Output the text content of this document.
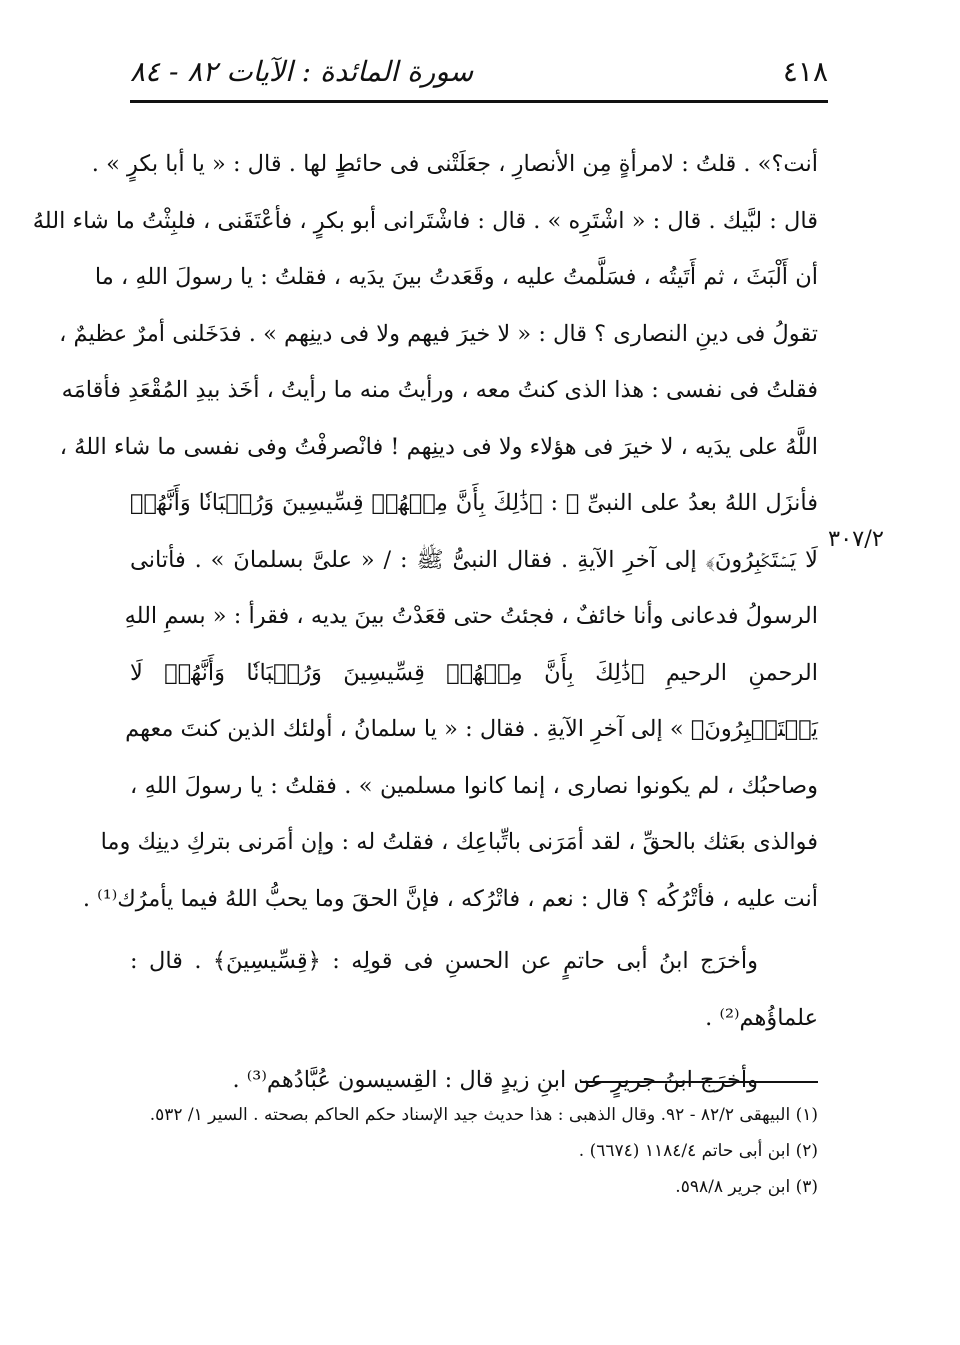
٤١٨
سورة المائدة : الآيات ٨٢ - ٨٤
٣٠٧/٢
أنت؟» . قلتُ : لامرأةٍ مِن الأنصارِ ، جعَلَتْنى فى حائطٍ لها . قال : « يا أبا بكرٍ » .
قال : لبَّيك . قال : « اشْتَرِه » . قال : فاشْتَرانى أبو بكرٍ ، فأعْتَقَنى ، فلبِثْتُ ما شاء اللهُ
أن أَلْبَثَ ، ثم أَتَيتُه ، فسَلَّمتُ عليه ، وقَعَدتُ بينَ يدَيه ، فقلتُ : يا رسولَ اللهِ ، ما
تقولُ فى دينِ النصارى ؟ قال : « لا خيرَ فيهم ولا فى دينِهم » . فدَخَلنى أمرٌ عظيمٌ ،
فقلتُ فى نفسى : هذا الذى كنتُ معه ، ورأيتُ منه ما رأيتُ ، أخَذ بيدِ المُقْعَدِ فأقامَه
اللَّهُ على يدَيه ، لا خيرَ فى هؤلاء ولا فى دينِهم ! فانْصرفْتُ وفى نفسى ما شاء اللهُ ،
فأنزَل اللهُ بعدُ على النبىِّ ﷺ : ﴿ذَٰلِكَ بِأَنَّ مِنۡهُمۡ قِسِّيسِينَ وَرُهۡبَانٗا وَأَنَّهُمۡ
لَا يَسۡتَكۡبِرُونَ﴾ إلى آخرِ الآيةِ . فقال النبىُّ ﷺ : / « علىَّ بسلمانَ » . فأتانى
الرسولُ فدعانى وأنا خائفٌ ، فجئتُ حتى قعَدْتُ بينَ يديه ، فقرأ : « بسمِ اللهِ
الرحمنِ الرحيمِ ﴿ذَٰلِكَ بِأَنَّ مِنۡهُمۡ قِسِّيسِينَ وَرُهۡبَانٗا وَأَنَّهُمۡ لَا
يَسۡتَكۡبِرُونَ﴾ » إلى آخرِ الآيةِ . فقال : « يا سلمانُ ، أولئك الذين كنتَ معهم
وصاحبُك ، لم يكونوا نصارى ، إنما كانوا مسلمين » . فقلتُ : يا رسولَ اللهِ ،
فوالذى بعَثك بالحقِّ ، لقد أمَرَنى باتِّباعِك ، فقلتُ له : وإن أمَرنى بتركِ دينِك وما
أنت عليه ، فأتْرُكُه ؟ قال : نعم ، فاتْرُكه ، فإنَّ الحقَ وما يحبُّ اللهُ فيما يأمرُك⁽¹⁾ .
وأخرَج ابنُ أبى حاتمٍ عن الحسنِ فى قولِه : ﴿قِسِّيسِينَ﴾ . قال :
علماؤُهم⁽²⁾ .
وأخرَج ابنُ جريرٍ عن ابنِ زيدٍ قال : القِسيسون عُبَّادُهم⁽³⁾ .
(١) البيهقى ٨٢/٢ - ٩٢. وقال الذهبى : هذا حديث جيد الإسناد حكم الحاكم بصحته . السير ١/ ٥٣٢.
(٢) ابن أبى حاتم ١١٨٤/٤ (٦٦٧٤) .
(٣) ابن جرير ٥٩٨/٨.
